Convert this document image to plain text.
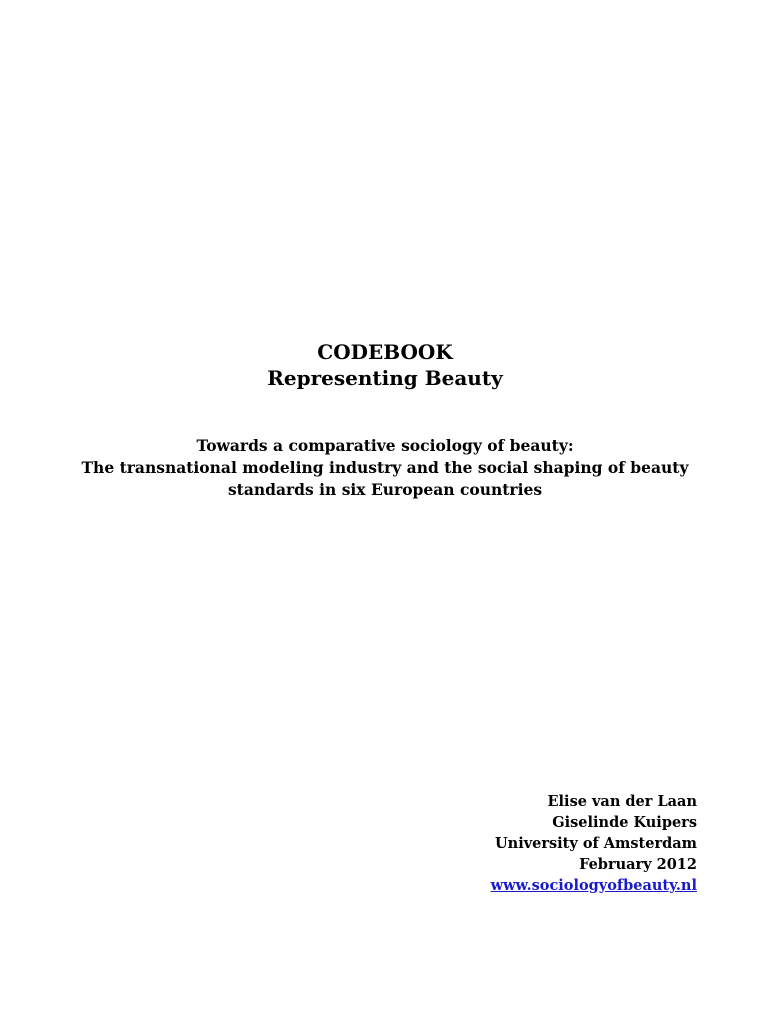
CODEBOOK

Representing Beauty

Towards a comparative sociology of beauty:

The transnational modeling industry and the social shaping of beauty

standards in six European countries

Elise van der Laan

Giselinde Kuipers

University of Amsterdam

February 2012

www.sociologyofbeauty.nl
